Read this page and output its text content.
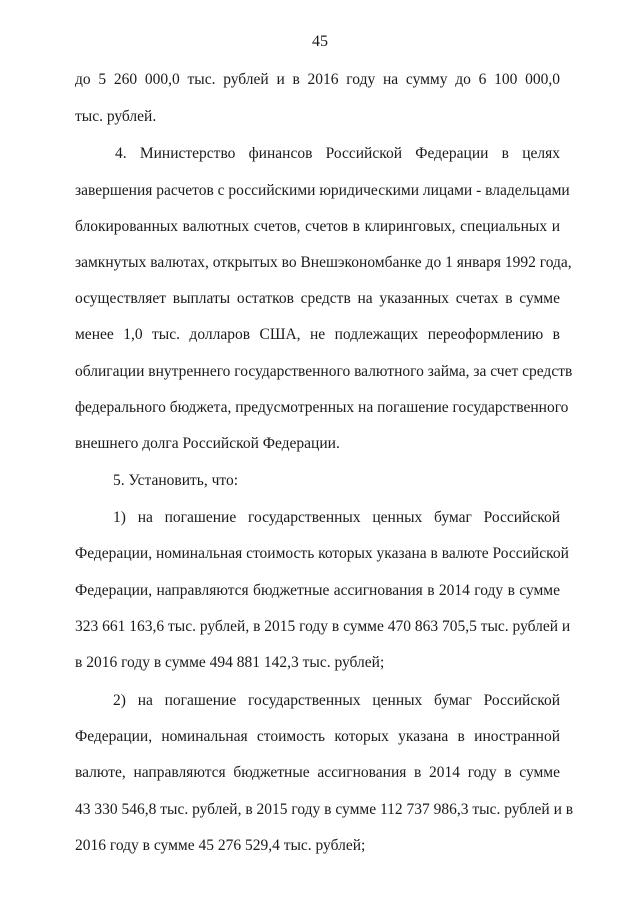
45
до 5 260 000,0 тыс. рублей и в 2016 году на сумму до 6 100 000,0
тыс. рублей.
4. Министерство финансов Российской Федерации в целях
завершения расчетов с российскими юридическими лицами - владельцами
блокированных валютных счетов, счетов в клиринговых, специальных и
замкнутых валютах, открытых во Внешэкономбанке до 1 января 1992 года,
осуществляет выплаты остатков средств на указанных счетах в сумме
менее 1,0 тыс. долларов США, не подлежащих переоформлению в
облигации внутреннего государственного валютного займа, за счет средств
федерального бюджета, предусмотренных на погашение государственного
внешнего долга Российской Федерации.
5. Установить, что:
1) на погашение государственных ценных бумаг Российской
Федерации, номинальная стоимость которых указана в валюте Российской
Федерации, направляются бюджетные ассигнования в 2014 году в сумме
323 661 163,6 тыс. рублей, в 2015 году в сумме 470 863 705,5 тыс. рублей и
в 2016 году в сумме 494 881 142,3 тыс. рублей;
2) на погашение государственных ценных бумаг Российской
Федерации, номинальная стоимость которых указана в иностранной
валюте, направляются бюджетные ассигнования в 2014 году в сумме
43 330 546,8 тыс. рублей, в 2015 году в сумме 112 737 986,3 тыс. рублей и в
2016 году в сумме 45 276 529,4 тыс. рублей;
